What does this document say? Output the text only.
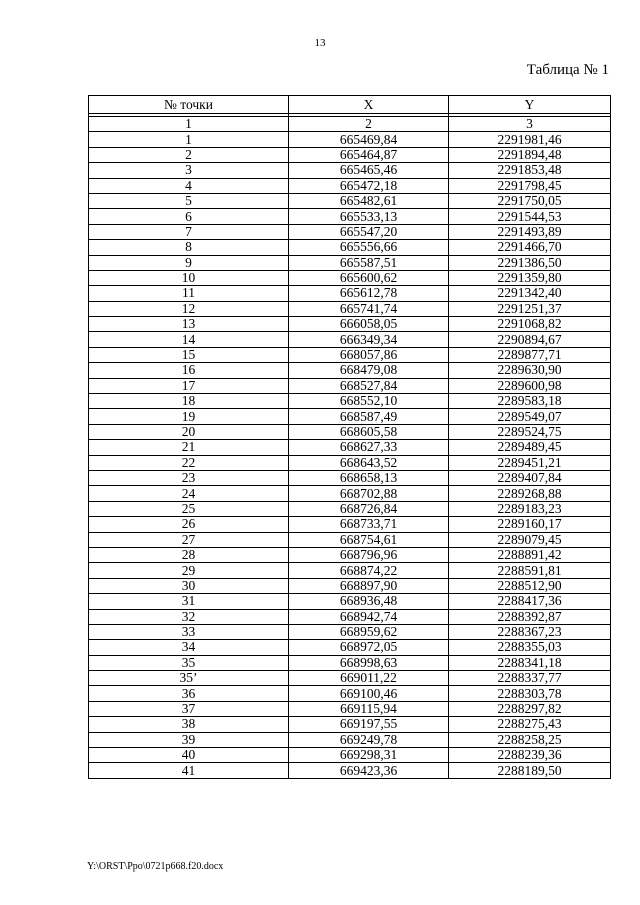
13
Таблица № 1
№ точки	X	Y

1	2	3
1	665469,84	2291981,46
2	665464,87	2291894,48
3	665465,46	2291853,48
4	665472,18	2291798,45
5	665482,61	2291750,05
6	665533,13	2291544,53
7	665547,20	2291493,89
8	665556,66	2291466,70
9	665587,51	2291386,50
10	665600,62	2291359,80
11	665612,78	2291342,40
12	665741,74	2291251,37
13	666058,05	2291068,82
14	666349,34	2290894,67
15	668057,86	2289877,71
16	668479,08	2289630,90
17	668527,84	2289600,98
18	668552,10	2289583,18
19	668587,49	2289549,07
20	668605,58	2289524,75
21	668627,33	2289489,45
22	668643,52	2289451,21
23	668658,13	2289407,84
24	668702,88	2289268,88
25	668726,84	2289183,23
26	668733,71	2289160,17
27	668754,61	2289079,45
28	668796,96	2288891,42
29	668874,22	2288591,81
30	668897,90	2288512,90
31	668936,48	2288417,36
32	668942,74	2288392,87
33	668959,62	2288367,23
34	668972,05	2288355,03
35	668998,63	2288341,18
35’	669011,22	2288337,77
36	669100,46	2288303,78
37	669115,94	2288297,82
38	669197,55	2288275,43
39	669249,78	2288258,25
40	669298,31	2288239,36
41	669423,36	2288189,50
Y:\ORST\Ppo\0721p668.f20.docx
